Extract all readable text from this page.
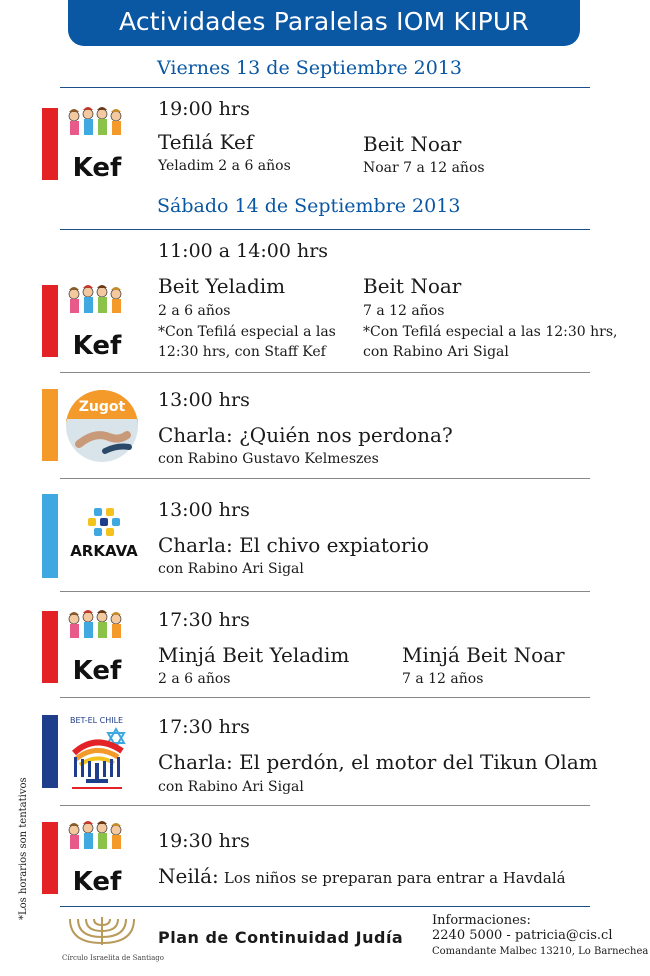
Actividades Paralelas IOM KIPUR
Viernes 13 de Septiembre 2013
Kef
19:00 hrs
Tefilá Kef
Yeladim 2 a 6 años
Beit Noar
Noar 7 a 12 años
Sábado 14 de Septiembre 2013
Kef
11:00 a 14:00 hrs
Beit Yeladim
2 a 6 años
*Con Tefilá especial a las
12:30 hrs, con Staff Kef
Beit Noar
7 a 12 años
*Con Tefilá especial a las 12:30 hrs,
con Rabino Ari Sigal
Zugot 13:00 hrs
Charla: ¿Quién nos perdona?
con Rabino Gustavo Kelmeszes
ARKAVA
13:00 hrs
Charla: El chivo expiatorio
con Rabino Ari Sigal
Kef
17:30 hrs
Minjá Beit Yeladim
2 a 6 años
Minjá Beit Noar
7 a 12 años
BET-EL CHILE 17:30 hrs
Charla: El perdón, el motor del Tikun Olam
con Rabino Ari Sigal
Kef
19:30 hrs
Neilá: Los niños se preparan para entrar a Havdalá
*Los horarios son tentativos
Círculo Israelita de Santiago
Plan de Continuidad Judía
Informaciones:
2240 5000 - patricia@cis.cl
Comandante Malbec 13210, Lo Barnechea
